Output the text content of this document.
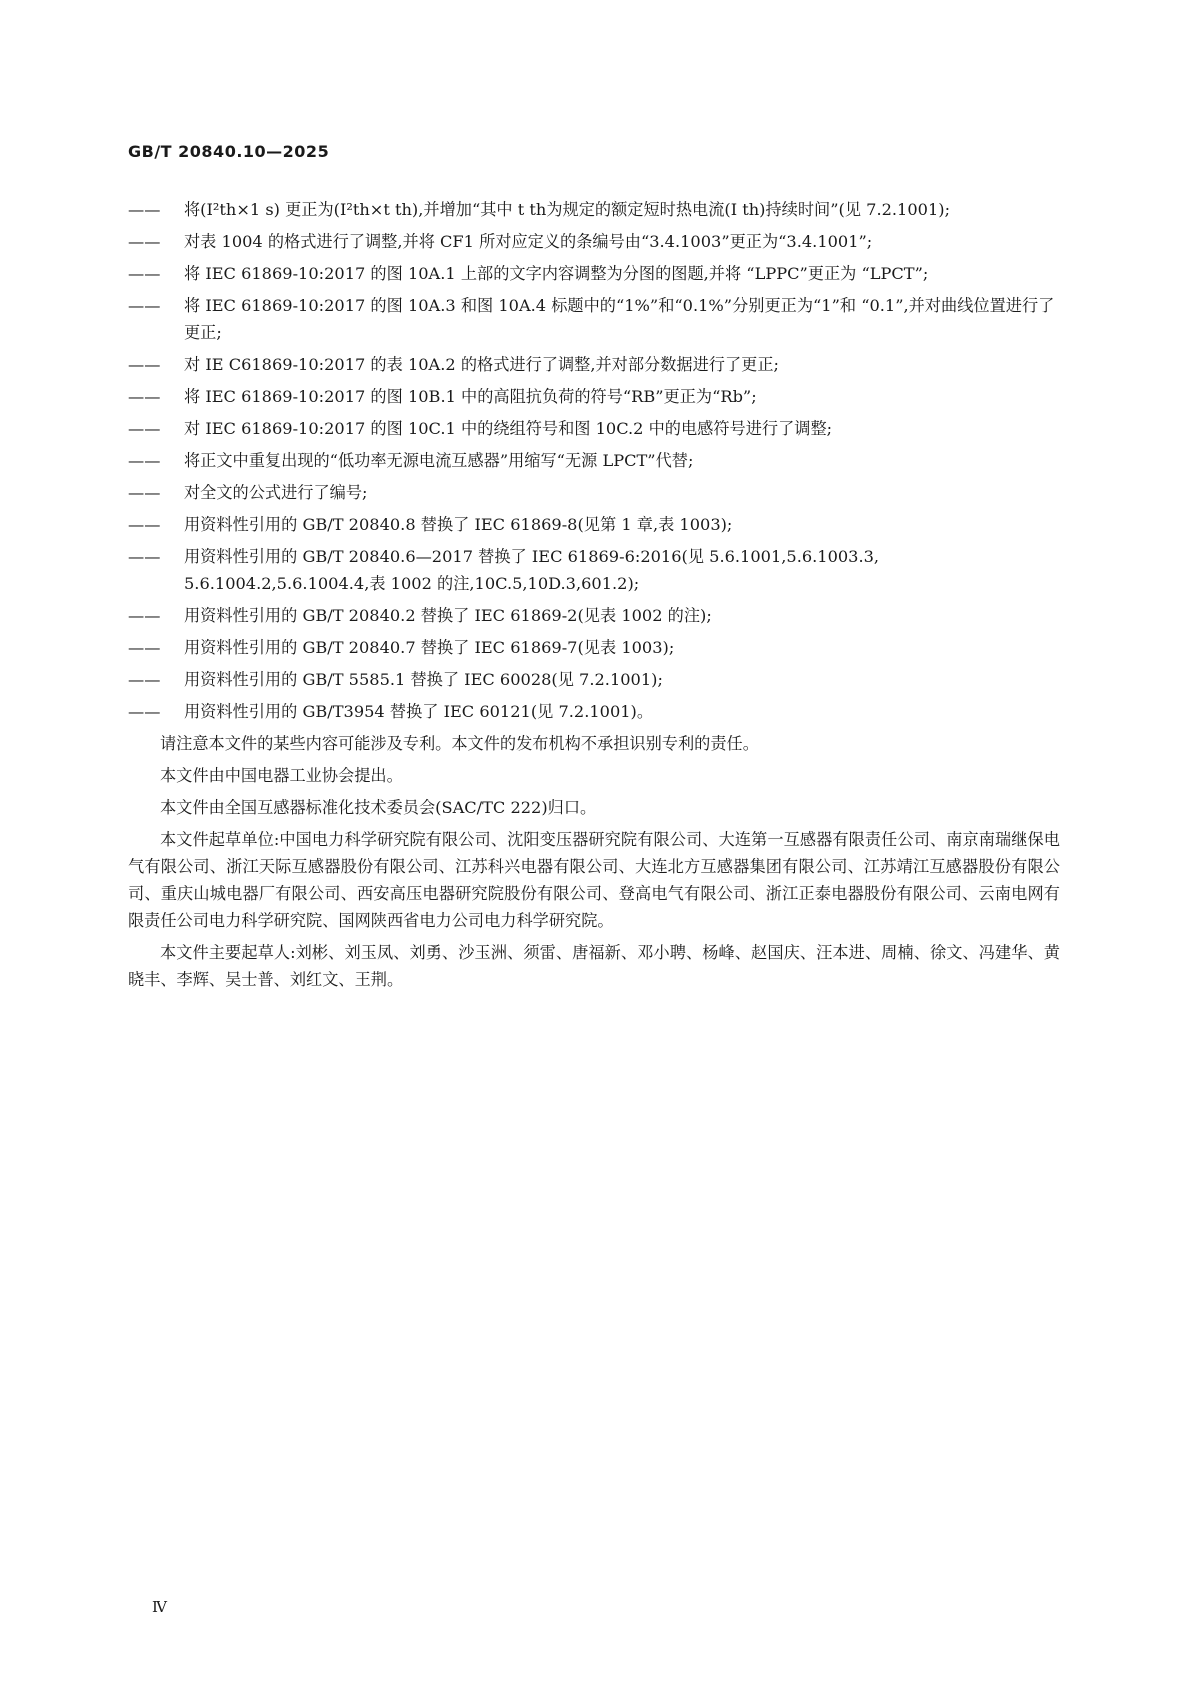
GB/T 20840.10—2025
——	将(I²th×1 s) 更正为(I²th×t th),并增加“其中 t th为规定的额定短时热电流(I th)持续时间”(见 7.2.1001);
——	对表 1004 的格式进行了调整,并将 CF1 所对应定义的条编号由“3.4.1003”更正为“3.4.1001”;
——	将 IEC 61869-10:2017 的图 10A.1 上部的文字内容调整为分图的图题,并将 “LPPC”更正为 “LPCT”;
——	将 IEC 61869-10:2017 的图 10A.3 和图 10A.4 标题中的“1%”和“0.1%”分别更正为“1”和 “0.1”,并对曲线位置进行了更正;
——	对 IE C61869-10:2017 的表 10A.2 的格式进行了调整,并对部分数据进行了更正;
——	将 IEC 61869-10:2017 的图 10B.1 中的高阻抗负荷的符号“RB”更正为“Rb”;
——	对 IEC 61869-10:2017 的图 10C.1 中的绕组符号和图 10C.2 中的电感符号进行了调整;
——	将正文中重复出现的“低功率无源电流互感器”用缩写“无源 LPCT”代替;
——	对全文的公式进行了编号;
——	用资料性引用的 GB/T 20840.8 替换了 IEC 61869-8(见第 1 章,表 1003);
——	用资料性引用的 GB/T 20840.6—2017 替换了 IEC 61869-6:2016(见 5.6.1001,5.6.1003.3, 5.6.1004.2,5.6.1004.4,表 1002 的注,10C.5,10D.3,601.2);
——	用资料性引用的 GB/T 20840.2 替换了 IEC 61869-2(见表 1002 的注);
——	用资料性引用的 GB/T 20840.7 替换了 IEC 61869-7(见表 1003);
——	用资料性引用的 GB/T 5585.1 替换了 IEC 60028(见 7.2.1001);
——	用资料性引用的 GB/T3954 替换了 IEC 60121(见 7.2.1001)。

请注意本文件的某些内容可能涉及专利。本文件的发布机构不承担识别专利的责任。

本文件由中国电器工业协会提出。

本文件由全国互感器标准化技术委员会(SAC/TC 222)归口。

本文件起草单位:中国电力科学研究院有限公司、沈阳变压器研究院有限公司、大连第一互感器有限责任公司、南京南瑞继保电气有限公司、浙江天际互感器股份有限公司、江苏科兴电器有限公司、大连北方互感器集团有限公司、江苏靖江互感器股份有限公司、重庆山城电器厂有限公司、西安高压电器研究院股份有限公司、登高电气有限公司、浙江正泰电器股份有限公司、云南电网有限责任公司电力科学研究院、国网陕西省电力公司电力科学研究院。

本文件主要起草人:刘彬、刘玉凤、刘勇、沙玉洲、须雷、唐福新、邓小聘、杨峰、赵国庆、汪本进、周楠、徐文、冯建华、黄晓丰、李辉、吴士普、刘红文、王荆。

Ⅳ
